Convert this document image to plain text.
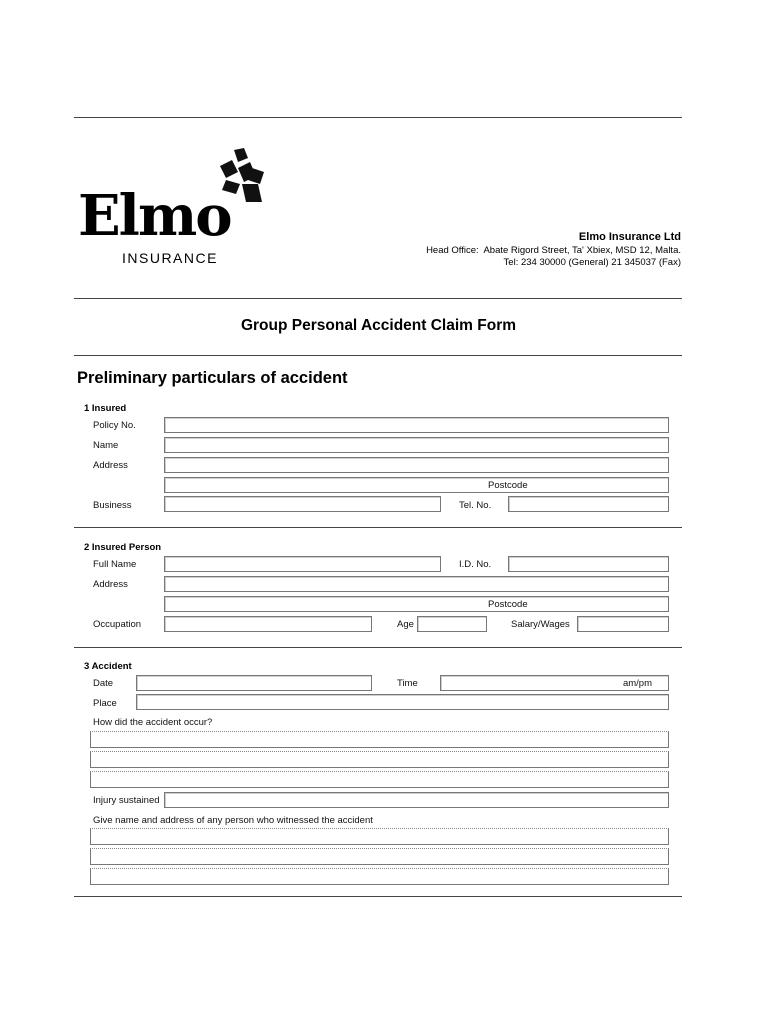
Elmo
INSURANCE
Elmo Insurance Ltd
Head Office:  Abate Rigord Street, Ta' Xbiex, MSD 12, Malta.
Tel: 234 30000 (General) 21 345037 (Fax)
Group Personal Accident Claim Form
Preliminary particulars of accident
1 Insured
Policy No.
Name
Address
Postcode
Business	Tel. No.
2 Insured Person
Full Name	I.D. No.
Address
Postcode
Occupation	Age	Salary/Wages
3 Accident
Date	Time	am/pm
Place
How did the accident occur?
Injury sustained
Give name and address of any person who witnessed the accident
